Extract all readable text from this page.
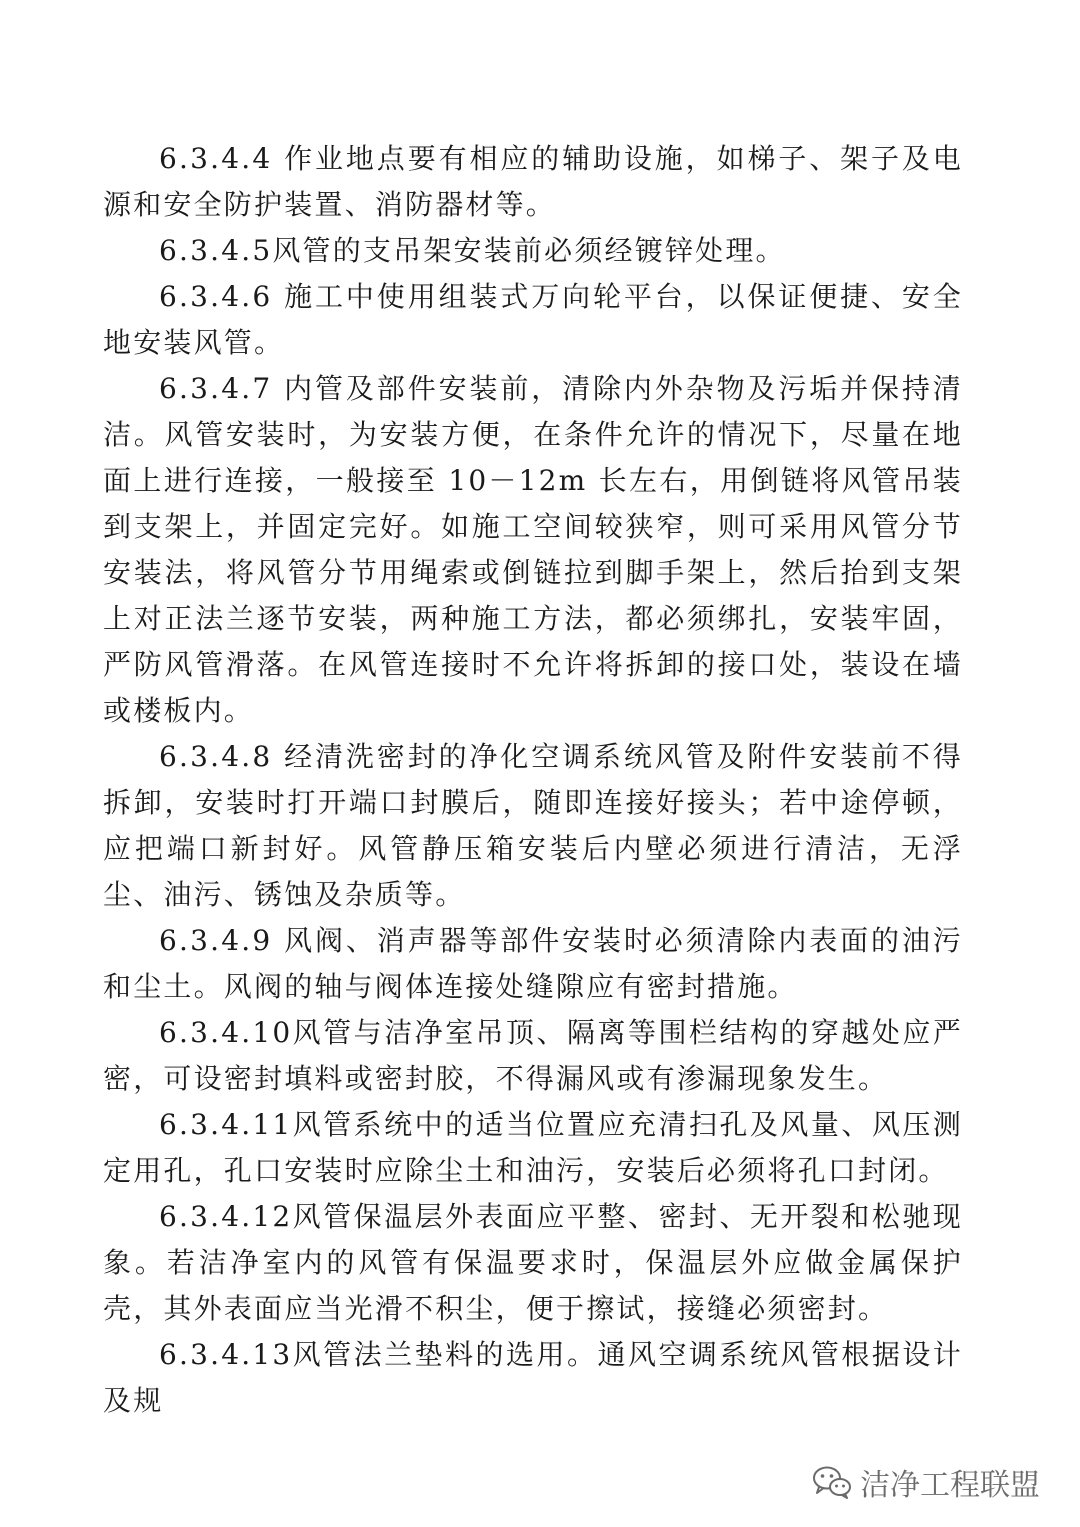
6.3.4.4 作业地点要有相应的辅助设施，如梯子、架子及电源和安全防护装置、消防器材等。

6.3.4.5风管的支吊架安装前必须经镀锌处理。

6.3.4.6 施工中使用组装式万向轮平台，以保证便捷、安全地安装风管。

6.3.4.7 内管及部件安装前，清除内外杂物及污垢并保持清洁。风管安装时，为安装方便，在条件允许的情况下，尽量在地面上进行连接，一般接至 10－12m 长左右，用倒链将风管吊装到支架上，并固定完好。如施工空间较狭窄，则可采用风管分节安装法，将风管分节用绳索或倒链拉到脚手架上，然后抬到支架上对正法兰逐节安装，两种施工方法，都必须绑扎，安装牢固，严防风管滑落。在风管连接时不允许将拆卸的接口处，装设在墙或楼板内。

6.3.4.8 经清洗密封的净化空调系统风管及附件安装前不得拆卸，安装时打开端口封膜后，随即连接好接头；若中途停顿，应把端口新封好。风管静压箱安装后内壁必须进行清洁，无浮尘、油污、锈蚀及杂质等。

6.3.4.9 风阀、消声器等部件安装时必须清除内表面的油污和尘土。风阀的轴与阀体连接处缝隙应有密封措施。

6.3.4.10风管与洁净室吊顶、隔离等围栏结构的穿越处应严密，可设密封填料或密封胶，不得漏风或有渗漏现象发生。

6.3.4.11风管系统中的适当位置应充清扫孔及风量、风压测定用孔，孔口安装时应除尘土和油污，安装后必须将孔口封闭。

6.3.4.12风管保温层外表面应平整、密封、无开裂和松驰现象。若洁净室内的风管有保温要求时，保温层外应做金属保护壳，其外表面应当光滑不积尘，便于擦试，接缝必须密封。

6.3.4.13风管法兰垫料的选用。通风空调系统风管根据设计及规

洁净工程联盟
